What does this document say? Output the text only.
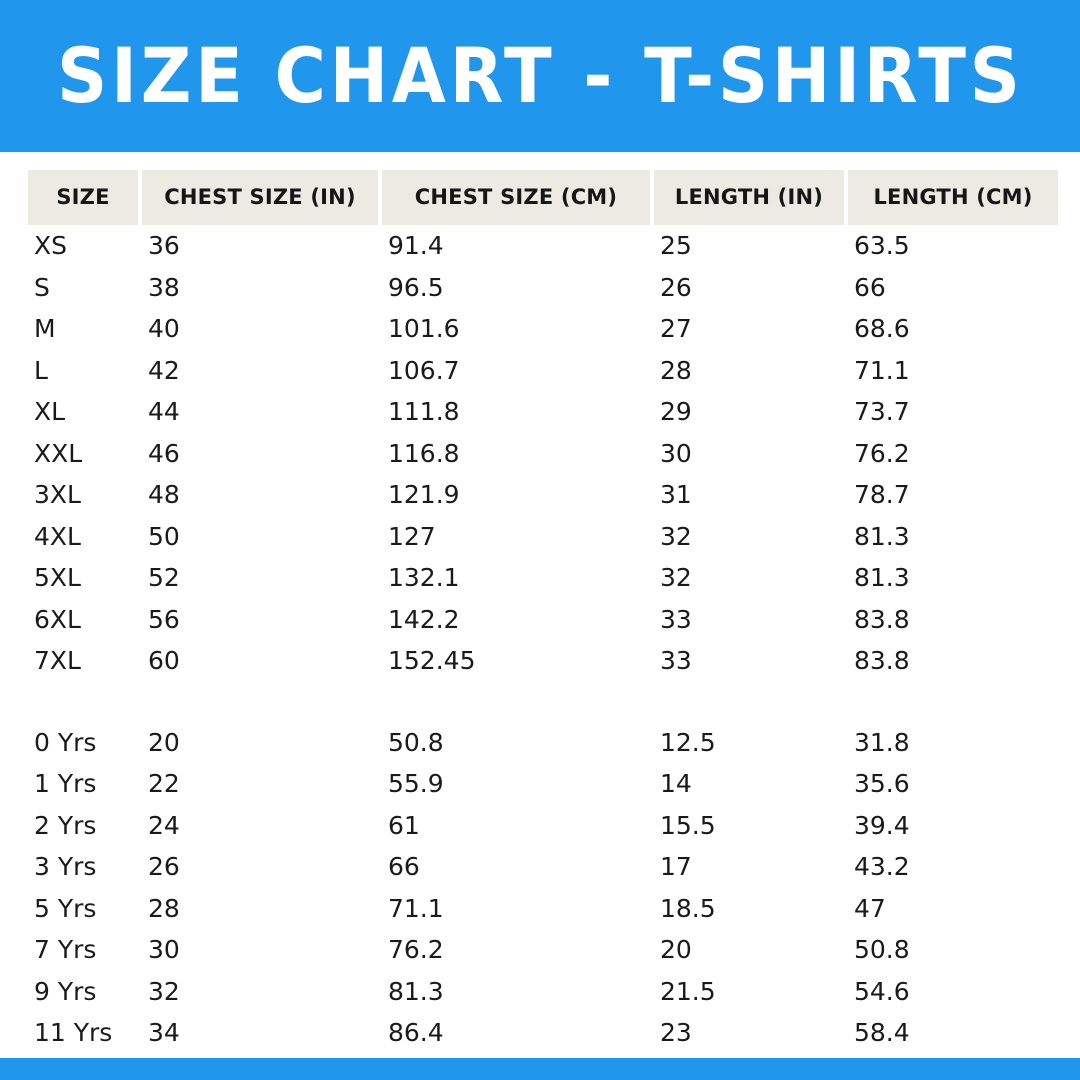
SIZE CHART - T-SHIRTS
SIZE	CHEST SIZE (IN)	CHEST SIZE (CM)	LENGTH (IN)	LENGTH (CM)
XS	36	91.4	25	63.5
S	38	96.5	26	66
M	40	101.6	27	68.6
L	42	106.7	28	71.1
XL	44	111.8	29	73.7
XXL	46	116.8	30	76.2
3XL	48	121.9	31	78.7
4XL	50	127	32	81.3
5XL	52	132.1	32	81.3
6XL	56	142.2	33	83.8
7XL	60	152.45	33	83.8

0 Yrs	20	50.8	12.5	31.8
1 Yrs	22	55.9	14	35.6
2 Yrs	24	61	15.5	39.4
3 Yrs	26	66	17	43.2
5 Yrs	28	71.1	18.5	47
7 Yrs	30	76.2	20	50.8
9 Yrs	32	81.3	21.5	54.6
11 Yrs	34	86.4	23	58.4
